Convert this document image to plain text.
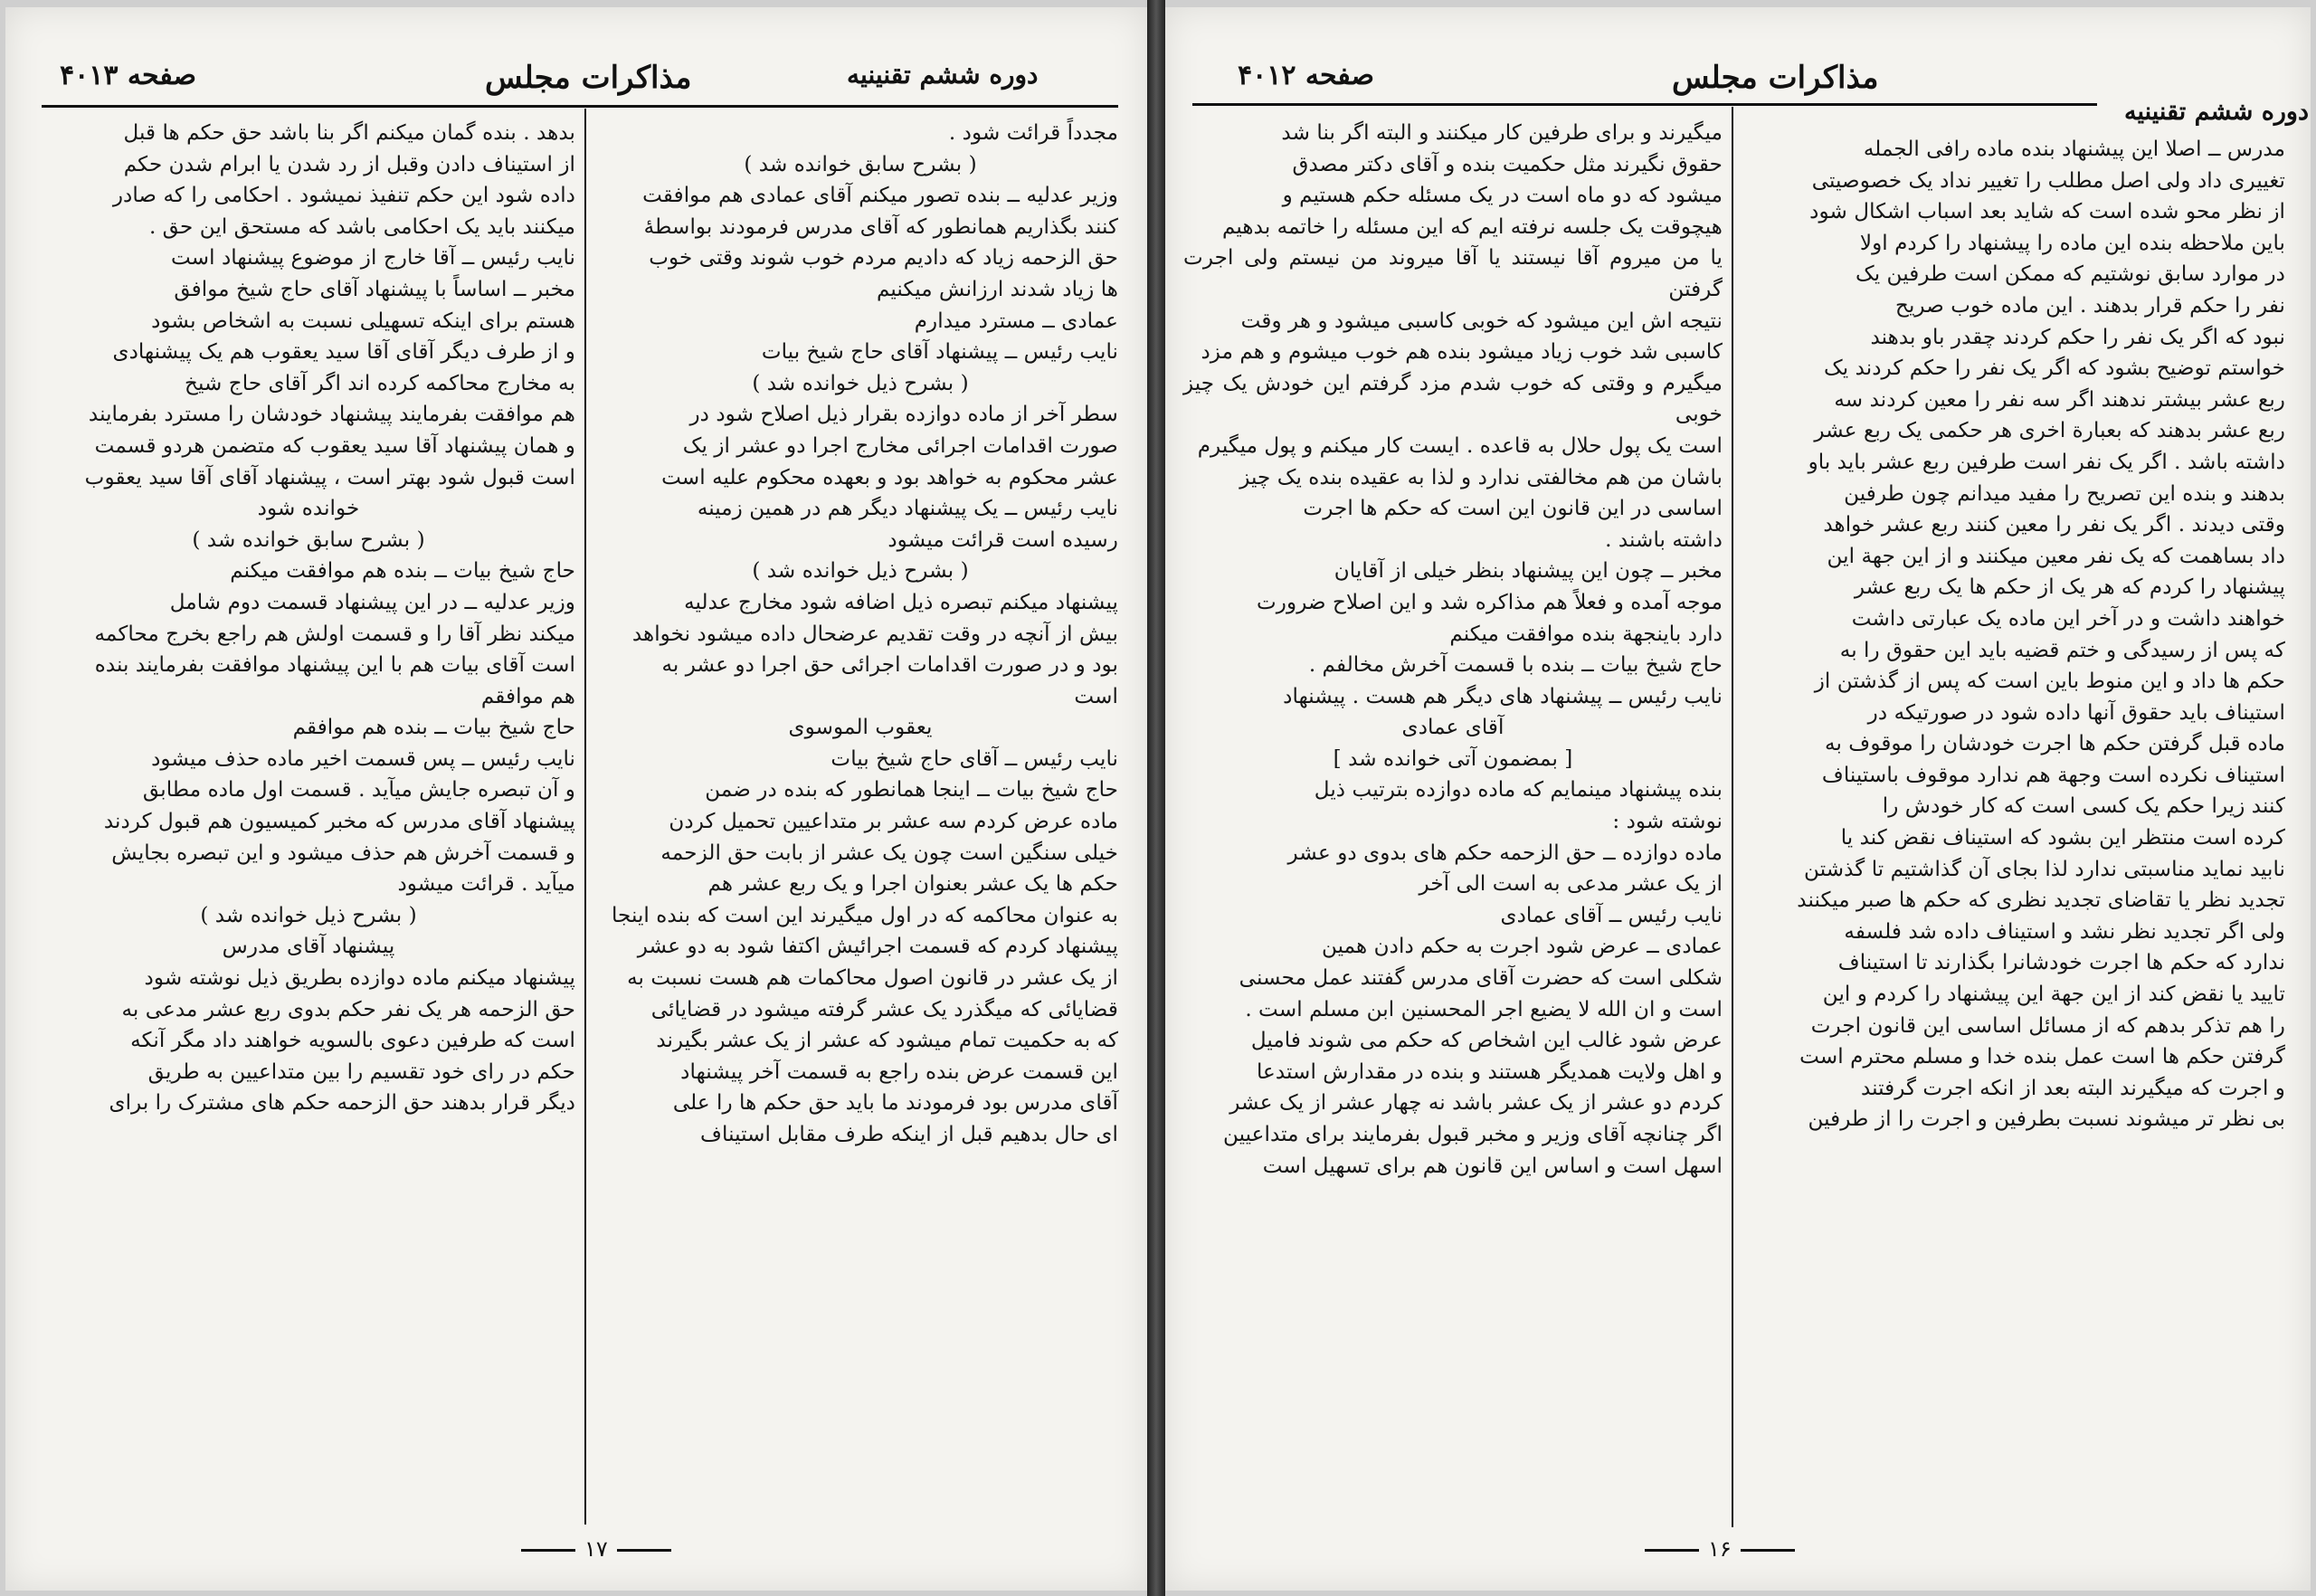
صفحه ۴۰۱۳	مذاکرات مجلس	دوره ششم تقنینیه

مجدداً قرائت شود .

( بشرح سابق خوانده شد )

وزیر عدلیه ــ بنده تصور میکنم آقای عمادی هم موافقت

کنند بگذاریم همانطور که آقای مدرس فرمودند بواسطهٔ

حق الزحمه زیاد که دادیم مردم خوب شوند وقتی خوب

ها زیاد شدند ارزانش میکنیم

عمادی ــ مسترد میدارم

نایب رئیس ــ پیشنهاد آقای حاج شیخ بیات

( بشرح ذیل خوانده شد )

سطر آخر از ماده دوازده بقرار ذیل اصلاح شود در

صورت اقدامات اجرائی مخارج اجرا دو عشر از یک

عشر محکوم به خواهد بود و بعهده محکوم علیه است

نایب رئیس ــ یک پیشنهاد دیگر هم در همین زمینه

رسیده است قرائت میشود

( بشرح ذیل خوانده شد )

پیشنهاد میکنم تبصره ذیل اضافه شود مخارج عدلیه

بیش از آنچه در وقت تقدیم عرضحال داده میشود نخواهد

بود و در صورت اقدامات اجرائی حق اجرا دو عشر به

است

یعقوب الموسوی

نایب رئیس ــ آقای حاج شیخ بیات

حاج شیخ بیات ــ اینجا همانطور که بنده در ضمن

ماده عرض کردم سه عشر بر متداعیین تحمیل کردن

خیلی سنگین است چون یک عشر از بابت حق الزحمه

حکم ها یک عشر بعنوان اجرا و یک ربع عشر هم

به عنوان محاکمه که در اول میگیرند این است که بنده اینجا

پیشنهاد کردم که قسمت اجرائیش اکتفا شود به دو عشر

از یک عشر در قانون اصول محاکمات هم هست نسبت به

قضایائی که میگذرد یک عشر گرفته میشود در قضایائی

که به حکمیت تمام میشود که عشر از یک عشر بگیرند

این قسمت عرض بنده راجع به قسمت آخر پیشنهاد

آقای مدرس بود فرمودند ما باید حق حکم ها را علی

ای حال بدهیم قبل از اینکه طرف مقابل استیناف

بدهد . بنده گمان میکنم اگر بنا باشد حق حکم ها قبل

از استیناف دادن وقبل از رد شدن یا ابرام شدن حکم

داده شود این حکم تنفیذ نمیشود . احکامی را که صادر

میکنند باید یک احکامی باشد که مستحق این حق .

نایب رئیس ــ آقا خارج از موضوع پیشنهاد است

مخبر ــ اساساً با پیشنهاد آقای حاج شیخ موافق

هستم برای اینکه تسهیلی نسبت به اشخاص بشود

و از طرف دیگر آقای آقا سید یعقوب هم یک پیشنهادی

به مخارج محاکمه کرده اند اگر آقای حاج شیخ

هم موافقت بفرمایند پیشنهاد خودشان را مسترد بفرمایند

و همان پیشنهاد آقا سید یعقوب که متضمن هردو قسمت

است قبول شود بهتر است ، پیشنهاد آقای آقا سید یعقوب

خوانده شود

( بشرح سابق خوانده شد )

حاج شیخ بیات ــ بنده هم موافقت میکنم

وزیر عدلیه ــ در این پیشنهاد قسمت دوم شامل

میکند نظر آقا را و قسمت اولش هم راجع بخرج محاکمه

است آقای بیات هم با این پیشنهاد موافقت بفرمایند بنده

هم موافقم

حاج شیخ بیات ــ بنده هم موافقم

نایب رئیس ــ پس قسمت اخیر ماده حذف میشود

و آن تبصره جایش میآید . قسمت اول ماده مطابق

پیشنهاد آقای مدرس که مخبر کمیسیون هم قبول کردند

و قسمت آخرش هم حذف میشود و این تبصره بجایش

میآید . قرائت میشود

( بشرح ذیل خوانده شد )

پیشنهاد آقای مدرس

پیشنهاد میکنم ماده دوازده بطریق ذیل نوشته شود

حق الزحمه هر یک نفر حکم بدوی ربع عشر مدعی به

است که طرفین دعوی بالسویه خواهند داد مگر آنکه

حکم در رای خود تقسیم را بین متداعیین به طریق

دیگر قرار بدهند حق الزحمه حکم های مشترک را برای

۱۷
صفحه ۴۰۱۲	مذاکرات مجلس
دوره ششم تقنینیه

میگیرند و برای طرفین کار میکنند و البته اگر بنا شد

حقوق نگیرند مثل حکمیت بنده و آقای دکتر مصدق

میشود که دو ماه است در یک مسئله حکم هستیم و

هیچوقت یک جلسه نرفته ایم که این مسئله را خاتمه بدهیم

یا من میروم آقا نیستند یا آقا میروند من نیستم ولی اجرت گرفتن

نتیجه اش این میشود که خوبی کاسبی میشود و هر وقت

کاسبی شد خوب زیاد میشود بنده هم خوب میشوم و هم مزد

میگیرم و وقتی که خوب شدم مزد گرفتم این خودش یک چیز خوبی

است یک پول حلال به قاعده . ایست کار میکنم و پول میگیرم

باشان من هم مخالفتی ندارد و لذا به عقیده بنده یک چیز

اساسی در این قانون این است که حکم ها اجرت

داشته باشند .

مخبر ــ چون این پیشنهاد بنظر خیلی از آقایان

موجه آمده و فعلاً هم مذاکره شد و این اصلاح ضرورت

دارد باینجهة بنده موافقت میکنم

حاج شیخ بیات ــ بنده با قسمت آخرش مخالفم .

نایب رئیس ــ پیشنهاد های دیگر هم هست . پیشنهاد

آقای عمادی

[ بمضمون آتی خوانده شد ]

بنده پیشنهاد مینمایم که ماده دوازده بترتیب ذیل

نوشته شود :

ماده دوازده ــ حق الزحمه حکم های بدوی دو عشر

از یک عشر مدعی به است الی آخر

نایب رئیس ــ آقای عمادی

عمادی ــ عرض شود اجرت به حکم دادن همین

شکلی است که حضرت آقای مدرس گفتند عمل محسنی

است و ان الله لا یضیع اجر المحسنین ابن مسلم است .

عرض شود غالب این اشخاص که حکم می شوند فامیل

و اهل ولایت همدیگر هستند و بنده در مقدارش استدعا

کردم دو عشر از یک عشر باشد نه چهار عشر از یک عشر

اگر چنانچه آقای وزیر و مخبر قبول بفرمایند برای متداعیین

اسهل است و اساس این قانون هم برای تسهیل است

مدرس ــ اصلا این پیشنهاد بنده ماده رافی الجمله

تغییری داد ولی اصل مطلب را تغییر نداد یک خصوصیتی

از نظر محو شده است که شاید بعد اسباب اشکال شود

باین ملاحظه بنده این ماده را پیشنهاد را کردم اولا

در موارد سابق نوشتیم که ممکن است طرفین یک

نفر را حکم قرار بدهند . این ماده خوب صریح

نبود که اگر یک نفر را حکم کردند چقدر باو بدهند

خواستم توضیح بشود که اگر یک نفر را حکم کردند یک

ربع عشر بیشتر ندهند اگر سه نفر را معین کردند سه

ربع عشر بدهند که بعبارة اخری هر حکمی یک ربع عشر

داشته باشد . اگر یک نفر است طرفین ربع عشر باید باو

بدهند و بنده این تصریح را مفید میدانم چون طرفین

وقتی دیدند . اگر یک نفر را معین کنند ربع عشر خواهد

داد بساهمت که یک نفر معین میکنند و از این جهة این

پیشنهاد را کردم که هر یک از حکم ها یک ربع عشر

خواهند داشت و در آخر این ماده یک عبارتی داشت

که پس از رسیدگی و ختم قضیه باید این حقوق را به

حکم ها داد و این منوط باین است که پس از گذشتن از

استیناف باید حقوق آنها داده شود در صورتیکه در

ماده قبل گرفتن حکم ها اجرت خودشان را موقوف به

استیناف نکرده است وجهة هم ندارد موقوف باستیناف

کنند زیرا حکم یک کسی است که کار خودش را

کرده است منتظر این بشود که استیناف نقض کند یا

نابید نماید مناسبتی ندارد لذا بجای آن گذاشتیم تا گذشتن

تجدید نظر یا تقاضای تجدید نظری که حکم ها صبر میکنند

ولی اگر تجدید نظر نشد و استیناف داده شد فلسفه

ندارد که حکم ها اجرت خودشانرا بگذارند تا استیناف

تایید یا نقض کند از این جهة این پیشنهاد را کردم و این

را هم تذکر بدهم که از مسائل اساسی این قانون اجرت

گرفتن حکم ها است عمل بنده خدا و مسلم محترم است

و اجرت که میگیرند البته بعد از انکه اجرت گرفتند

بی نظر تر میشوند نسبت بطرفین و اجرت را از طرفین

۱۶
